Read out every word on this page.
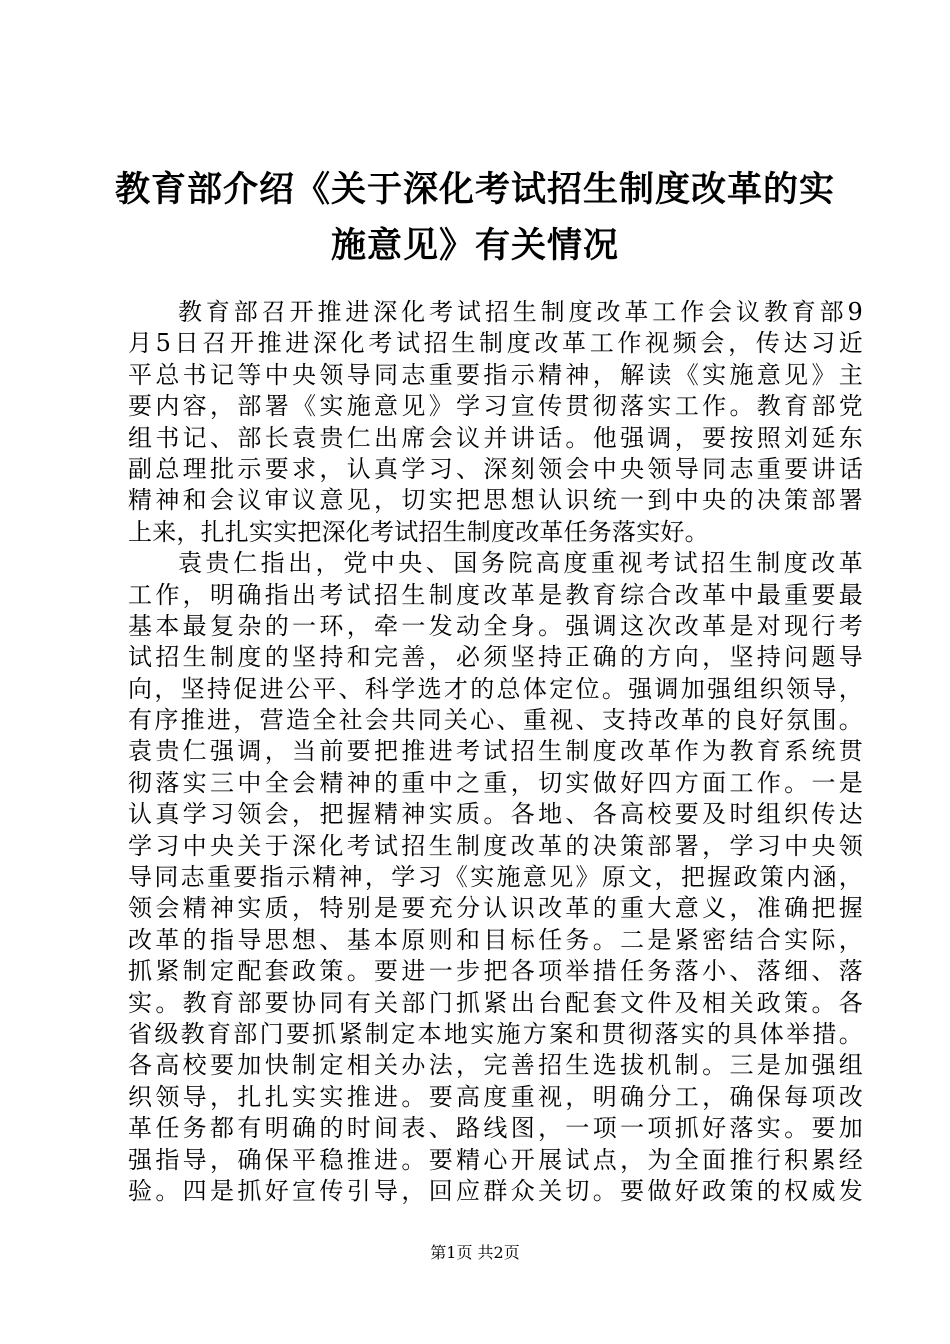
教育部介绍《关于深化考试招生制度改革的实
施意见》有关情况
教育部召开推进深化考试招生制度改革工作会议教育部9
月5日召开推进深化考试招生制度改革工作视频会，传达习近
平总书记等中央领导同志重要指示精神，解读《实施意见》主
要内容，部署《实施意见》学习宣传贯彻落实工作。教育部党
组书记、部长袁贵仁出席会议并讲话。他强调，要按照刘延东
副总理批示要求，认真学习、深刻领会中央领导同志重要讲话
精神和会议审议意见，切实把思想认识统一到中央的决策部署
上来，扎扎实实把深化考试招生制度改革任务落实好。
袁贵仁指出，党中央、国务院高度重视考试招生制度改革
工作，明确指出考试招生制度改革是教育综合改革中最重要最
基本最复杂的一环，牵一发动全身。强调这次改革是对现行考
试招生制度的坚持和完善，必须坚持正确的方向，坚持问题导
向，坚持促进公平、科学选才的总体定位。强调加强组织领导，
有序推进，营造全社会共同关心、重视、支持改革的良好氛围。
袁贵仁强调，当前要把推进考试招生制度改革作为教育系统贯
彻落实三中全会精神的重中之重，切实做好四方面工作。一是
认真学习领会，把握精神实质。各地、各高校要及时组织传达
学习中央关于深化考试招生制度改革的决策部署，学习中央领
导同志重要指示精神，学习《实施意见》原文，把握政策内涵，
领会精神实质，特别是要充分认识改革的重大意义，准确把握
改革的指导思想、基本原则和目标任务。二是紧密结合实际，
抓紧制定配套政策。要进一步把各项举措任务落小、落细、落
实。教育部要协同有关部门抓紧出台配套文件及相关政策。各
省级教育部门要抓紧制定本地实施方案和贯彻落实的具体举措。
各高校要加快制定相关办法，完善招生选拔机制。三是加强组
织领导，扎扎实实推进。要高度重视，明确分工，确保每项改
革任务都有明确的时间表、路线图，一项一项抓好落实。要加
强指导，确保平稳推进。要精心开展试点，为全面推行积累经
验。四是抓好宣传引导，回应群众关切。要做好政策的权威发
第1页 共2页
